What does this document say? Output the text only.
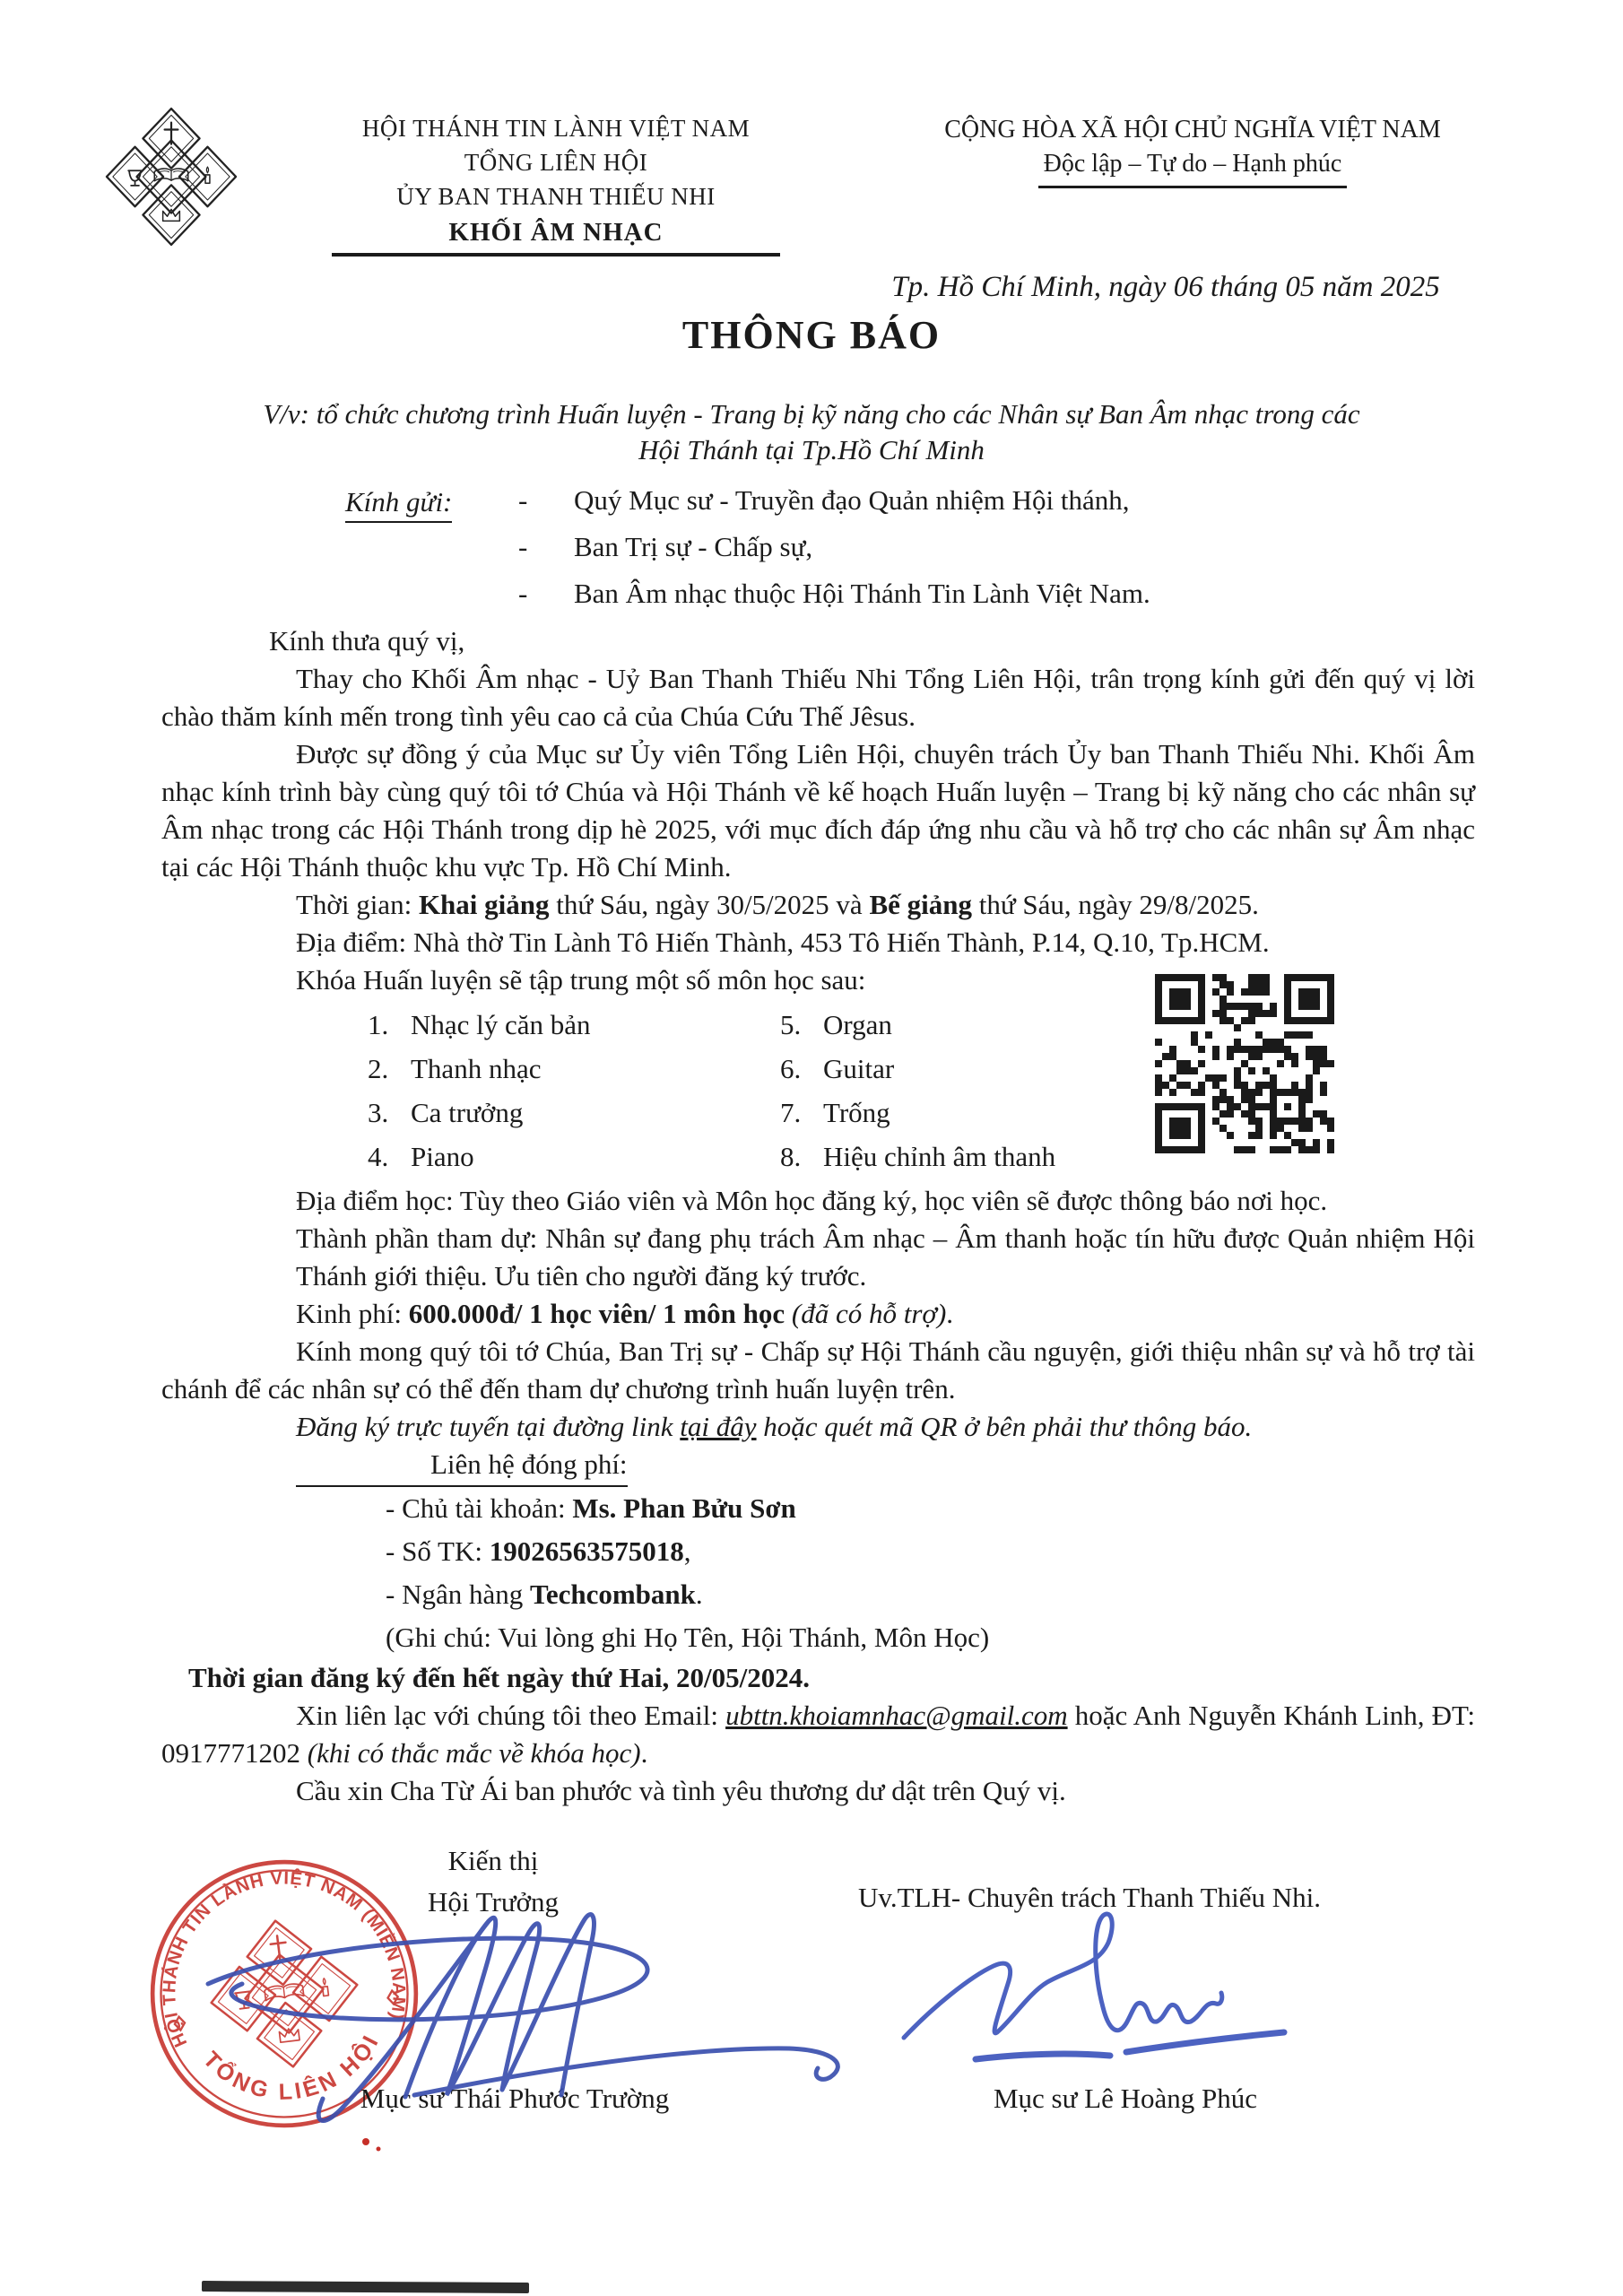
HỘI THÁNH TIN LÀNH VIỆT NAM
TỔNG LIÊN HỘI
ỦY BAN THANH THIẾU NHI
KHỐI ÂM NHẠC
CỘNG HÒA XÃ HỘI CHỦ NGHĨA VIỆT NAM
Độc lập – Tự do – Hạnh phúc
Tp. Hồ Chí Minh, ngày 06 tháng 05 năm 2025
THÔNG BÁO
V/v: tổ chức chương trình Huấn luyện - Trang bị kỹ năng cho các Nhân sự Ban Âm nhạc trong các
Hội Thánh tại Tp.Hồ Chí Minh
Kính gửi: -	Quý Mục sư - Truyền đạo Quản nhiệm Hội thánh,
-	Ban Trị sự - Chấp sự,
-	Ban Âm nhạc thuộc Hội Thánh Tin Lành Việt Nam.

Kính thưa quý vị,

Thay cho Khối Âm nhạc - Uỷ Ban Thanh Thiếu Nhi Tổng Liên Hội, trân trọng kính gửi đến quý vị lời chào thăm kính mến trong tình yêu cao cả của Chúa Cứu Thế Jêsus.

Được sự đồng ý của Mục sư Ủy viên Tổng Liên Hội, chuyên trách Ủy ban Thanh Thiếu Nhi. Khối Âm nhạc kính trình bày cùng quý tôi tớ Chúa và Hội Thánh về kế hoạch Huấn luyện – Trang bị kỹ năng cho các nhân sự Âm nhạc trong các Hội Thánh trong dịp hè 2025, với mục đích đáp ứng nhu cầu và hỗ trợ cho các nhân sự Âm nhạc tại các Hội Thánh thuộc khu vực Tp. Hồ Chí Minh.

Thời gian: Khai giảng thứ Sáu, ngày 30/5/2025 và Bế giảng thứ Sáu, ngày 29/8/2025.

Địa điểm: Nhà thờ Tin Lành Tô Hiến Thành, 453 Tô Hiến Thành, P.14, Q.10, Tp.HCM.

Khóa Huấn luyện sẽ tập trung một số môn học sau:

1. Nhạc lý căn bản
2. Thanh nhạc
3. Ca trưởng
4. Piano
5. Organ
6. Guitar
7. Trống
8. Hiệu chỉnh âm thanh

Địa điểm học: Tùy theo Giáo viên và Môn học đăng ký, học viên sẽ được thông báo nơi học.

Thành phần tham dự: Nhân sự đang phụ trách Âm nhạc – Âm thanh hoặc tín hữu được Quản nhiệm Hội Thánh giới thiệu. Ưu tiên cho người đăng ký trước.

Kinh phí: 600.000đ/ 1 học viên/ 1 môn học (đã có hỗ trợ).

Kính mong quý tôi tớ Chúa, Ban Trị sự - Chấp sự Hội Thánh cầu nguyện, giới thiệu nhân sự và hỗ trợ tài chánh để các nhân sự có thể đến tham dự chương trình huấn luyện trên.

Đăng ký trực tuyến tại đường link tại đây hoặc quét mã QR ở bên phải thư thông báo.

Liên hệ đóng phí:

- Chủ tài khoản: Ms. Phan Bửu Sơn

- Số TK: 19026563575018,

- Ngân hàng Techcombank.

(Ghi chú: Vui lòng ghi Họ Tên, Hội Thánh, Môn Học)

Thời gian đăng ký đến hết ngày thứ Hai, 20/05/2024.

Xin liên lạc với chúng tôi theo Email: ubttn.khoiamnhac@gmail.com hoặc Anh Nguyễn Khánh Linh, ĐT: 0917771202 (khi có thắc mắc về khóa học).

Cầu xin Cha Từ Ái ban phước và tình yêu thương dư dật trên Quý vị.

Kiến thị
Hội Trưởng	Uv.TLH- Chuyên trách Thanh Thiếu Nhi.
Mục sư Thái Phước Trường	Mục sư Lê Hoàng Phúc
HỘI THÁNH TIN LÀNH VIỆT NAM (MIỀN NAM)
TỔNG LIÊN HỘI
